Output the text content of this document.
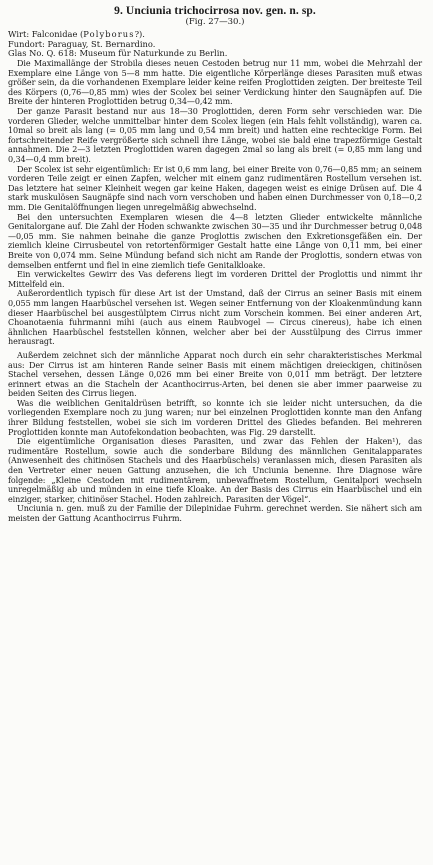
9. Unciunia trichocirrosa nov. gen. n. sp.

(Fig. 27—30.)

Wirt: Falconidae (Polyborus?).

Fundort: Paraguay, St. Bernardino.

Glas No. Q. 618: Museum für Naturkunde zu Berlin.

Die Maximallänge der Strobila dieses neuen Cestoden betrug nur 11 mm, wobei die Mehrzahl der Exemplare eine Länge von 5—8 mm hatte. Die eigentliche Körperlänge dieses Parasiten muß etwas größer sein, da die vorhandenen Exemplare leider keine reifen Proglottiden zeigten. Der breiteste Teil des Körpers (0,76—0,85 mm) wies der Scolex bei seiner Verdickung hinter den Saugnäpfen auf. Die Breite der hinteren Proglottiden betrug 0,34—0,42 mm.

Der ganze Parasit bestand nur aus 18—30 Proglottiden, deren Form sehr verschieden war. Die vorderen Glieder, welche unmittelbar hinter dem Scolex liegen (ein Hals fehlt vollständig), waren ca. 10mal so breit als lang (= 0,05 mm lang und 0,54 mm breit) und hatten eine rechteckige Form. Bei fortschreitender Reife vergrößerte sich schnell ihre Länge, wobei sie bald eine trapezförmige Gestalt annahmen. Die 2—3 letzten Proglottiden waren dagegen 2mal so lang als breit (= 0,85 mm lang und 0,34—0,4 mm breit).

Der Scolex ist sehr eigentümlich: Er ist 0,6 mm lang, bei einer Breite von 0,76—0,85 mm; an seinem vorderen Teile zeigt er einen Zapfen, welcher mit einem ganz rudimentären Rostellum versehen ist. Das letztere hat seiner Kleinheit wegen gar keine Haken, dagegen weist es einige Drüsen auf. Die 4 stark muskulösen Saugnäpfe sind nach vorn verschoben und haben einen Durchmesser von 0,18—0,2 mm. Die Genitalöffnungen liegen unregelmäßig abwechselnd.

Bei den untersuchten Exemplaren wiesen die 4—8 letzten Glieder entwickelte männliche Genitalorgane auf. Die Zahl der Hoden schwankte zwischen 30—35 und ihr Durchmesser betrug 0,048—0,05 mm. Sie nahmen beinahe die ganze Proglottis zwischen den Exkretionsgefäßen ein. Der ziemlich kleine Cirrusbeutel von retortenförmiger Gestalt hatte eine Länge von 0,11 mm, bei einer Breite von 0,074 mm. Seine Mündung befand sich nicht am Rande der Proglottis, sondern etwas von demselben entfernt und fiel in eine ziemlich tiefe Genitalkloake.

Ein verwickeltes Gewirr des Vas deferens liegt im vorderen Drittel der Proglottis und nimmt ihr Mittelfeld ein.

Außerordentlich typisch für diese Art ist der Umstand, daß der Cirrus an seiner Basis mit einem 0,055 mm langen Haarbüschel versehen ist. Wegen seiner Entfernung von der Kloakenmündung kann dieser Haarbüschel bei ausgestülptem Cirrus nicht zum Vorschein kommen. Bei einer anderen Art, Choanotaenia fuhrmanni mihi (auch aus einem Raubvogel — Circus cinereus), habe ich einen ähnlichen Haarbüschel feststellen können, welcher aber bei der Ausstülpung des Cirrus immer herausragt.

Außerdem zeichnet sich der männliche Apparat noch durch ein sehr charakteristisches Merkmal aus: Der Cirrus ist am hinteren Rande seiner Basis mit einem mächtigen dreieckigen, chitinösen Stachel versehen, dessen Länge 0,026 mm bei einer Breite von 0,011 mm beträgt. Der letztere erinnert etwas an die Stacheln der Acanthocirrus-Arten, bei denen sie aber immer paarweise zu beiden Seiten des Cirrus liegen.

Was die weiblichen Genitaldrüsen betrifft, so konnte ich sie leider nicht untersuchen, da die vorliegenden Exemplare noch zu jung waren; nur bei einzelnen Proglottiden konnte man den Anfang ihrer Bildung feststellen, wobei sie sich im vorderen Drittel des Gliedes befanden. Bei mehreren Proglottiden konnte man Autofekondation beobachten, was Fig. 29 darstellt.

Die eigentümliche Organisation dieses Parasiten, und zwar das Fehlen der Haken¹), das rudimentäre Rostellum, sowie auch die sonderbare Bildung des männlichen Genitalapparates (Anwesenheit des chitinösen Stachels und des Haarbüschels) veranlassen mich, diesen Parasiten als den Vertreter einer neuen Gattung anzusehen, die ich Unciunia benenne. Ihre Diagnose wäre folgende: „Kleine Cestoden mit rudimentärem, unbewaffnetem Rostellum, Genitalpori wechseln unregelmäßig ab und münden in eine tiefe Kloake. An der Basis des Cirrus ein Haarbüschel und ein einziger, starker, chitinöser Stachel. Hoden zahlreich. Parasiten der Vögel“.

Unciunia n. gen. muß zu der Familie der Dilepinidae Fuhrm. gerechnet werden. Sie nähert sich am meisten der Gattung Acanthocirrus Fuhrm.
